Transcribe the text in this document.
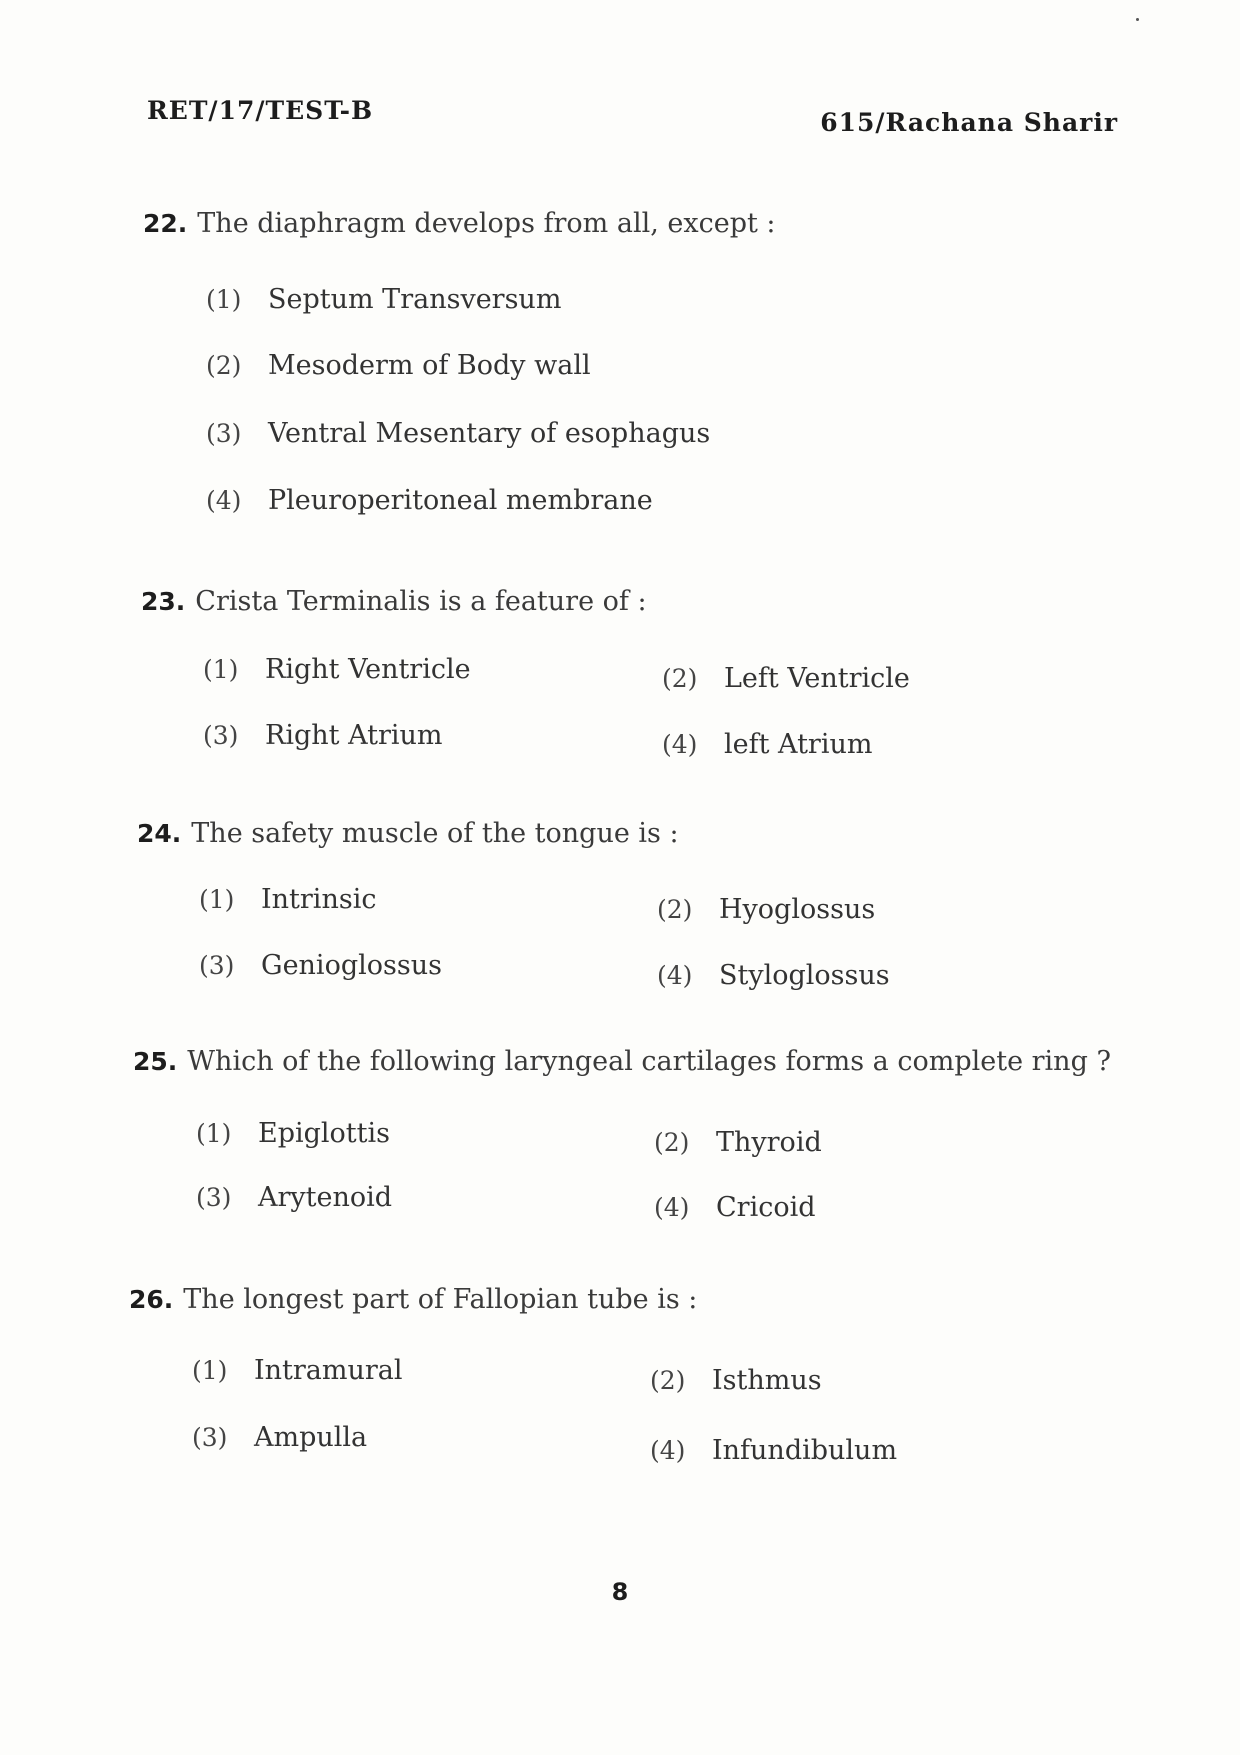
RET/17/TEST-B	615/Rachana Sharir
22. The diaphragm develops from all, except :
(1) Septum Transversum
(2) Mesoderm of Body wall
(3) Ventral Mesentary of esophagus
(4) Pleuroperitoneal membrane
23. Crista Terminalis is a feature of :
(1) Right Ventricle	(2) Left Ventricle
(3) Right Atrium	(4) left Atrium
24. The safety muscle of the tongue is :
(1) Intrinsic	(2) Hyoglossus
(3) Genioglossus	(4) Styloglossus
25. Which of the following laryngeal cartilages forms a complete ring ?
(1) Epiglottis	(2) Thyroid
(3) Arytenoid	(4) Cricoid
26. The longest part of Fallopian tube is :
(1) Intramural	(2) Isthmus
(3) Ampulla	(4) Infundibulum
8
